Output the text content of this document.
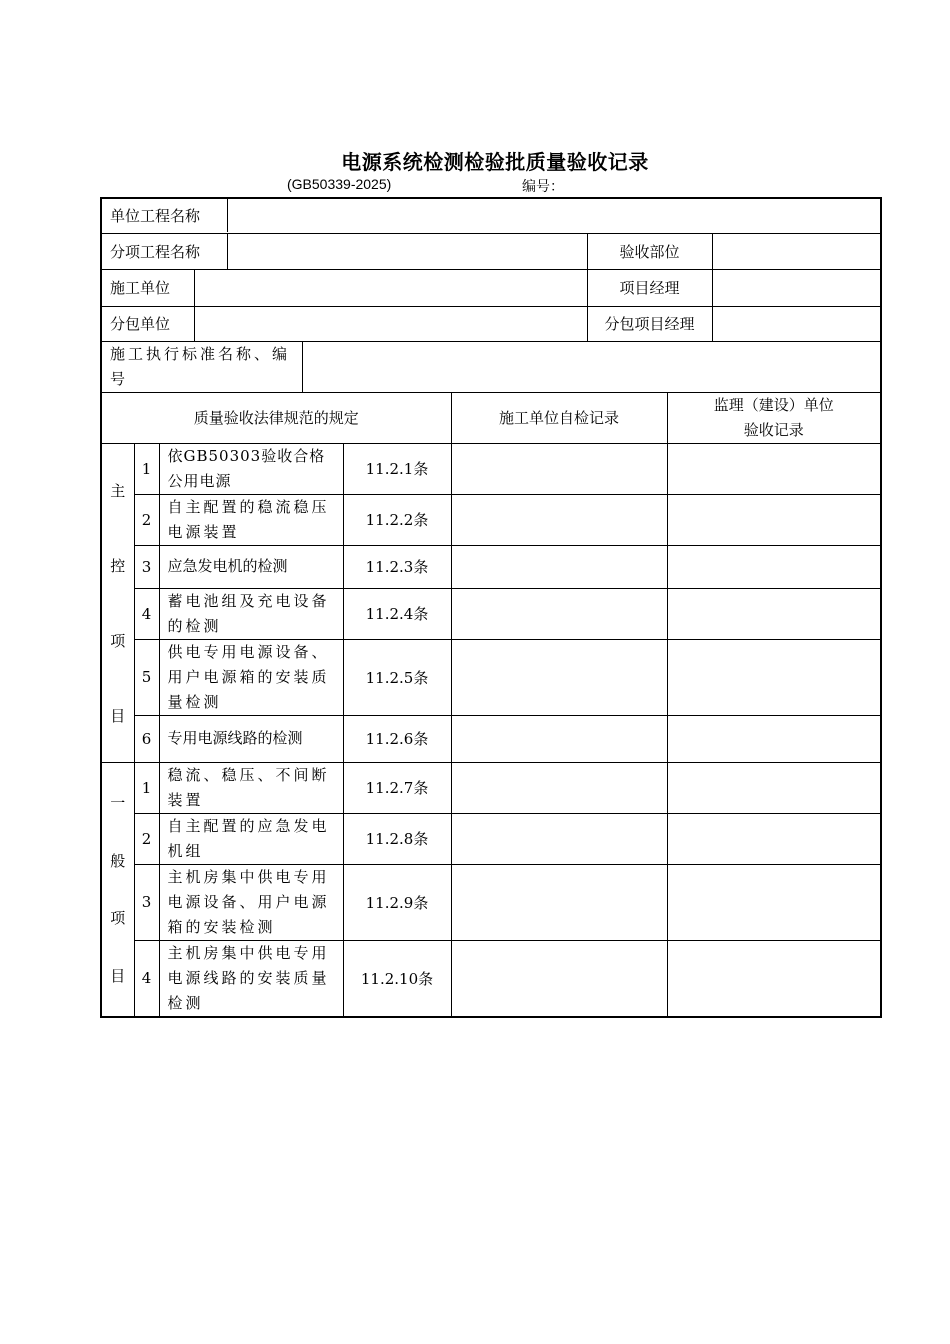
电源系统检测检验批质量验收记录
(GB50339-2025)	编号：
单位工程名称	

分项工程名称		验收部位	

施工单位		项目经理	

分包单位		分包项目经理	

施工执行标准名称、编号	

质量验收法律规范的规定	施工单位自检记录	
监理（建设）单位
验收记录

主
控
项
目
	1	依GB50303验收合格公用电源	11.2.1条		
2	自主配置的稳流稳压电源装置	11.2.2条		
3	应急发电机的检测	11.2.3条		
4	蓄电池组及充电设备的检测	11.2.4条		
5	供电专用电源设备、用户电源箱的安装质量检测	11.2.5条		
6	专用电源线路的检测	11.2.6条		

一
般
项
目
	1	稳流、稳压、不间断装置	11.2.7条		
2	自主配置的应急发电机组	11.2.8条		
3	主机房集中供电专用电源设备、用户电源箱的安装检测	11.2.9条		
4	主机房集中供电专用电源线路的安装质量检测	11.2.10条		
